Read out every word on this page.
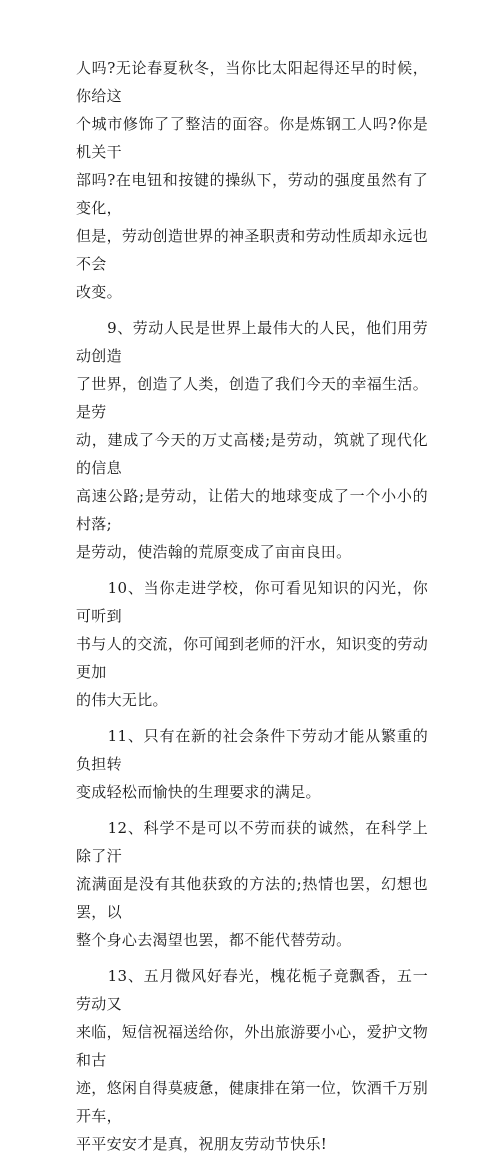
人吗?无论春夏秋冬，当你比太阳起得还早的时候，你给这

个城市修饰了了整洁的面容。你是炼钢工人吗?你是机关干

部吗?在电钮和按键的操纵下，劳动的强度虽然有了变化，

但是，劳动创造世界的神圣职责和劳动性质却永远也不会

改变。

　　9、劳动人民是世界上最伟大的人民，他们用劳动创造

了世界，创造了人类，创造了我们今天的幸福生活。是劳

动，建成了今天的万丈高楼;是劳动，筑就了现代化的信息

高速公路;是劳动，让偌大的地球变成了一个小小的村落;

是劳动，使浩翰的荒原变成了亩亩良田。

　　10、当你走进学校，你可看见知识的闪光，你可听到

书与人的交流，你可闻到老师的汗水，知识变的劳动更加

的伟大无比。

　　11、只有在新的社会条件下劳动才能从繁重的负担转

变成轻松而愉快的生理要求的满足。

　　12、科学不是可以不劳而获的诚然，在科学上除了汗

流满面是没有其他获致的方法的;热情也罢，幻想也罢，以

整个身心去渴望也罢，都不能代替劳动。

　　13、五月微风好春光，槐花栀子竟飘香，五一劳动又

来临，短信祝福送给你，外出旅游要小心，爱护文物和古

迹，悠闲自得莫疲惫，健康排在第一位，饮酒千万别开车，

平平安安才是真，祝朋友劳动节快乐!
